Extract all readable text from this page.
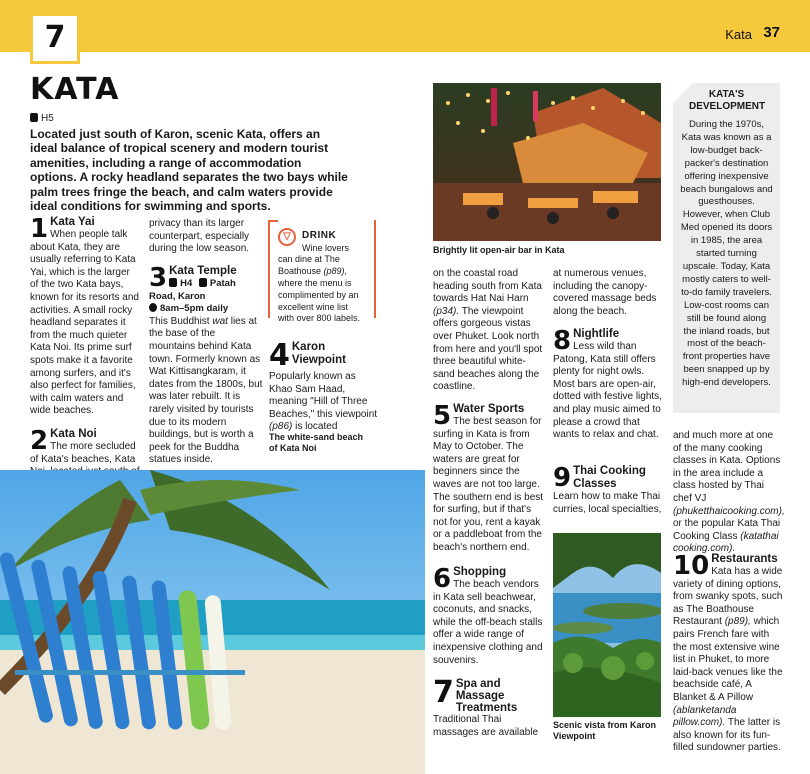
7	Kata 37
KATA
H5
Located just south of Karon, scenic Kata, offers an ideal balance of tropical scenery and modern tourist amenities, including a range of accommodation options. A rocky headland separates the two bays while palm trees fringe the beach, and calm waters provide ideal conditions for swimming and sports.
1 Kata Yai
When people talk about Kata, they are usually referring to Kata Yai, which is the larger of the two Kata bays, known for its resorts and activities. A small rocky headland separates it from the much quieter Kata Noi. Its prime surf spots make it a favorite among surfers, and it's also perfect for families, with calm waters and wide beaches.
2 Kata Noi
The more secluded of Kata's beaches, Kata
privacy than its larger counterpart, especially during the low season.
3 Kata Temple
H4 Patah Road, Karon
8am–5pm daily
This Buddhist wat lies at the base of the mountains behind Kata town. Formerly known as Wat Kittisangkaram, it dates from the 1800s, but was later rebuilt. It is rarely visited by tourists due to its modern buildings, but is worth a peek for the Buddha statues inside.
▽	DRINK
Wine lovers can dine at The Boathouse (p89), where the menu is complimented by an excellent wine list with over 800 labels.
4 Karon
Viewpoint
Popularly known as Khao Sam Haad, meaning "Hill of Three Beaches," this viewpoint (p86) is located
The white-sand beach of Kata Noi
Brightly lit open-air bar in Kata
KATA'S DEVELOPMENT
During the 1970s, Kata was known as a low-budget back-packer's destination offering inexpensive beach bungalows and guesthouses. However, when Club Med opened its doors in 1985, the area started turning upscale. Today, Kata mostly caters to well-to-do family travelers. Low-cost rooms can still be found along the inland roads, but most of the beach-front properties have been snapped up by high-end developers.
on the coastal road heading south from Kata towards Hat Nai Harn (p34). The viewpoint offers gorgeous vistas over Phuket. Look north from here and you'll spot three beautiful white-sand beaches along the coastline.
5 Water Sports
The best season for surfing in Kata is from May to October. The waters are great for beginners since the waves are not too large. The southern end is best for surfing, but if that's not for you, rent a kayak or a paddleboat from the beach's northern end.
6 Shopping
The beach vendors in Kata sell beachwear, coconuts, and snacks, while the off-beach stalls offer a wide range of inexpensive clothing and souvenirs.
7 Spa and
Massage
Treatments
Traditional Thai massages are available
at numerous venues, including the canopy-covered massage beds along the beach.
8 Nightlife
Less wild than Patong, Kata still offers plenty for night owls. Most bars are open-air, dotted with festive lights, and play music aimed to please a crowd that wants to relax and chat.
9 Thai Cooking
Classes
Learn how to make Thai curries, local specialties,
Scenic vista from Karon Viewpoint
and much more at one of the many cooking classes in Kata. Options in the area include a class hosted by Thai chef VJ (phuketthaicooking.com), or the popular Kata Thai Cooking Class (katathai cooking.com).
10 Restaurants
Kata has a wide variety of dining options, from swanky spots, such as The Boathouse Restaurant (p89), which pairs French fare with the most extensive wine list in Phuket, to more laid-back venues like the beachside café, A Blanket & A Pillow (ablanketanda pillow.com). The latter is also known for its fun-filled sundowner parties.
